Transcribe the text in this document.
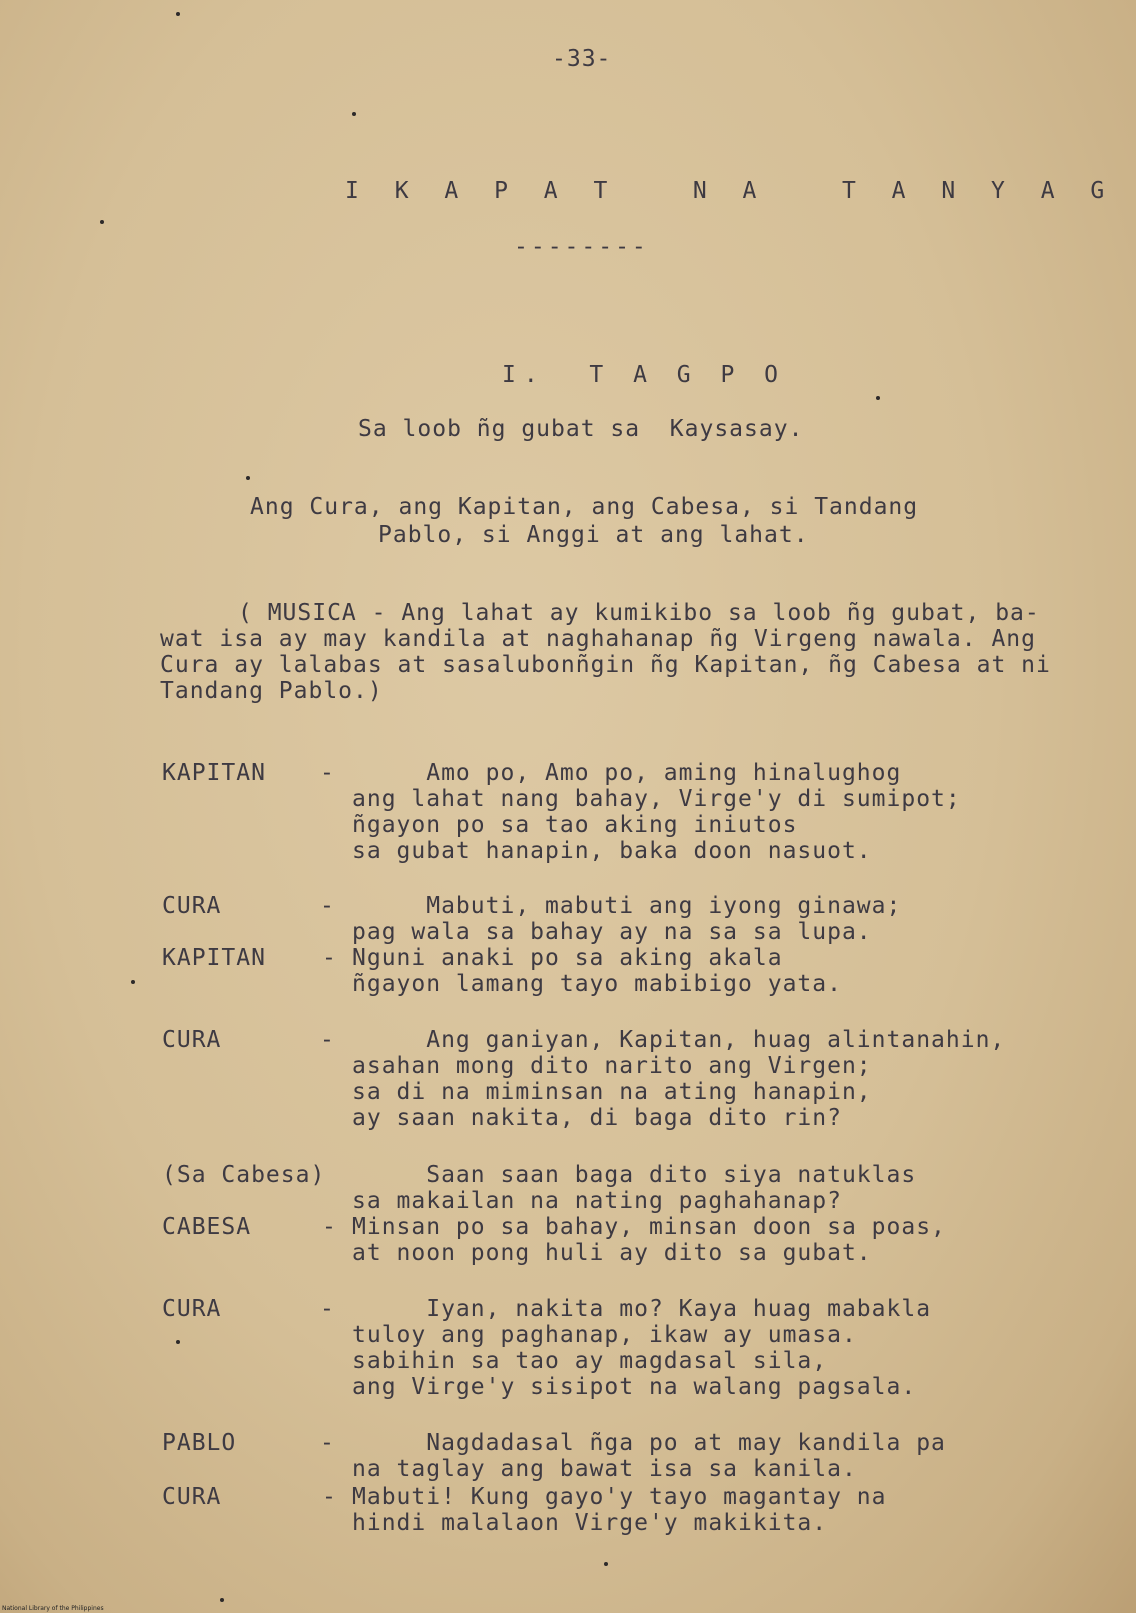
-33-
I K A P A T   N A   T A N Y A G
--------
I.  T A G P O
Sa loob ñg gubat sa  Kaysasay.
Ang Cura, ang Kapitan, ang Cabesa, si Tandang
Pablo, si Anggi at ang lahat.
( MUSICA - Ang lahat ay kumikibo sa loob ñg gubat, ba-
wat isa ay may kandila at naghahanap ñg Virgeng nawala. Ang
Cura ay lalabas at sasalubonñgin ñg Kapitan, ñg Cabesa at ni
Tandang Pablo.)
KAPITAN - Amo po, Amo po, aming hinalughog
ang lahat nang bahay, Virge'y di sumipot;
ñgayon po sa tao aking iniutos
sa gubat hanapin, baka doon nasuot.
CURA	- Mabuti, mabuti ang iyong ginawa;
pag wala sa bahay ay na sa sa lupa.
KAPITAN - Nguni anaki po sa aking akala
ñgayon lamang tayo mabibigo yata.
CURA	- Ang ganiyan, Kapitan, huag alintanahin,
asahan mong dito narito ang Virgen;
sa di na miminsan na ating hanapin,
ay saan nakita, di baga dito rin?
(Sa Cabesa) Saan saan baga dito siya natuklas
sa makailan na nating paghahanap?
CABESA	- Minsan po sa bahay, minsan doon sa poas,
at noon pong huli ay dito sa gubat.
CURA	- Iyan, nakita mo? Kaya huag mabakla
tuloy ang paghanap, ikaw ay umasa.
sabihin sa tao ay magdasal sila,
ang Virge'y sisipot na walang pagsala.
PABLO	- Nagdadasal ñga po at may kandila pa
na taglay ang bawat isa sa kanila.
CURA	- Mabuti! Kung gayo'y tayo magantay na
hindi malalaon Virge'y makikita.
National Library of the Philippines
